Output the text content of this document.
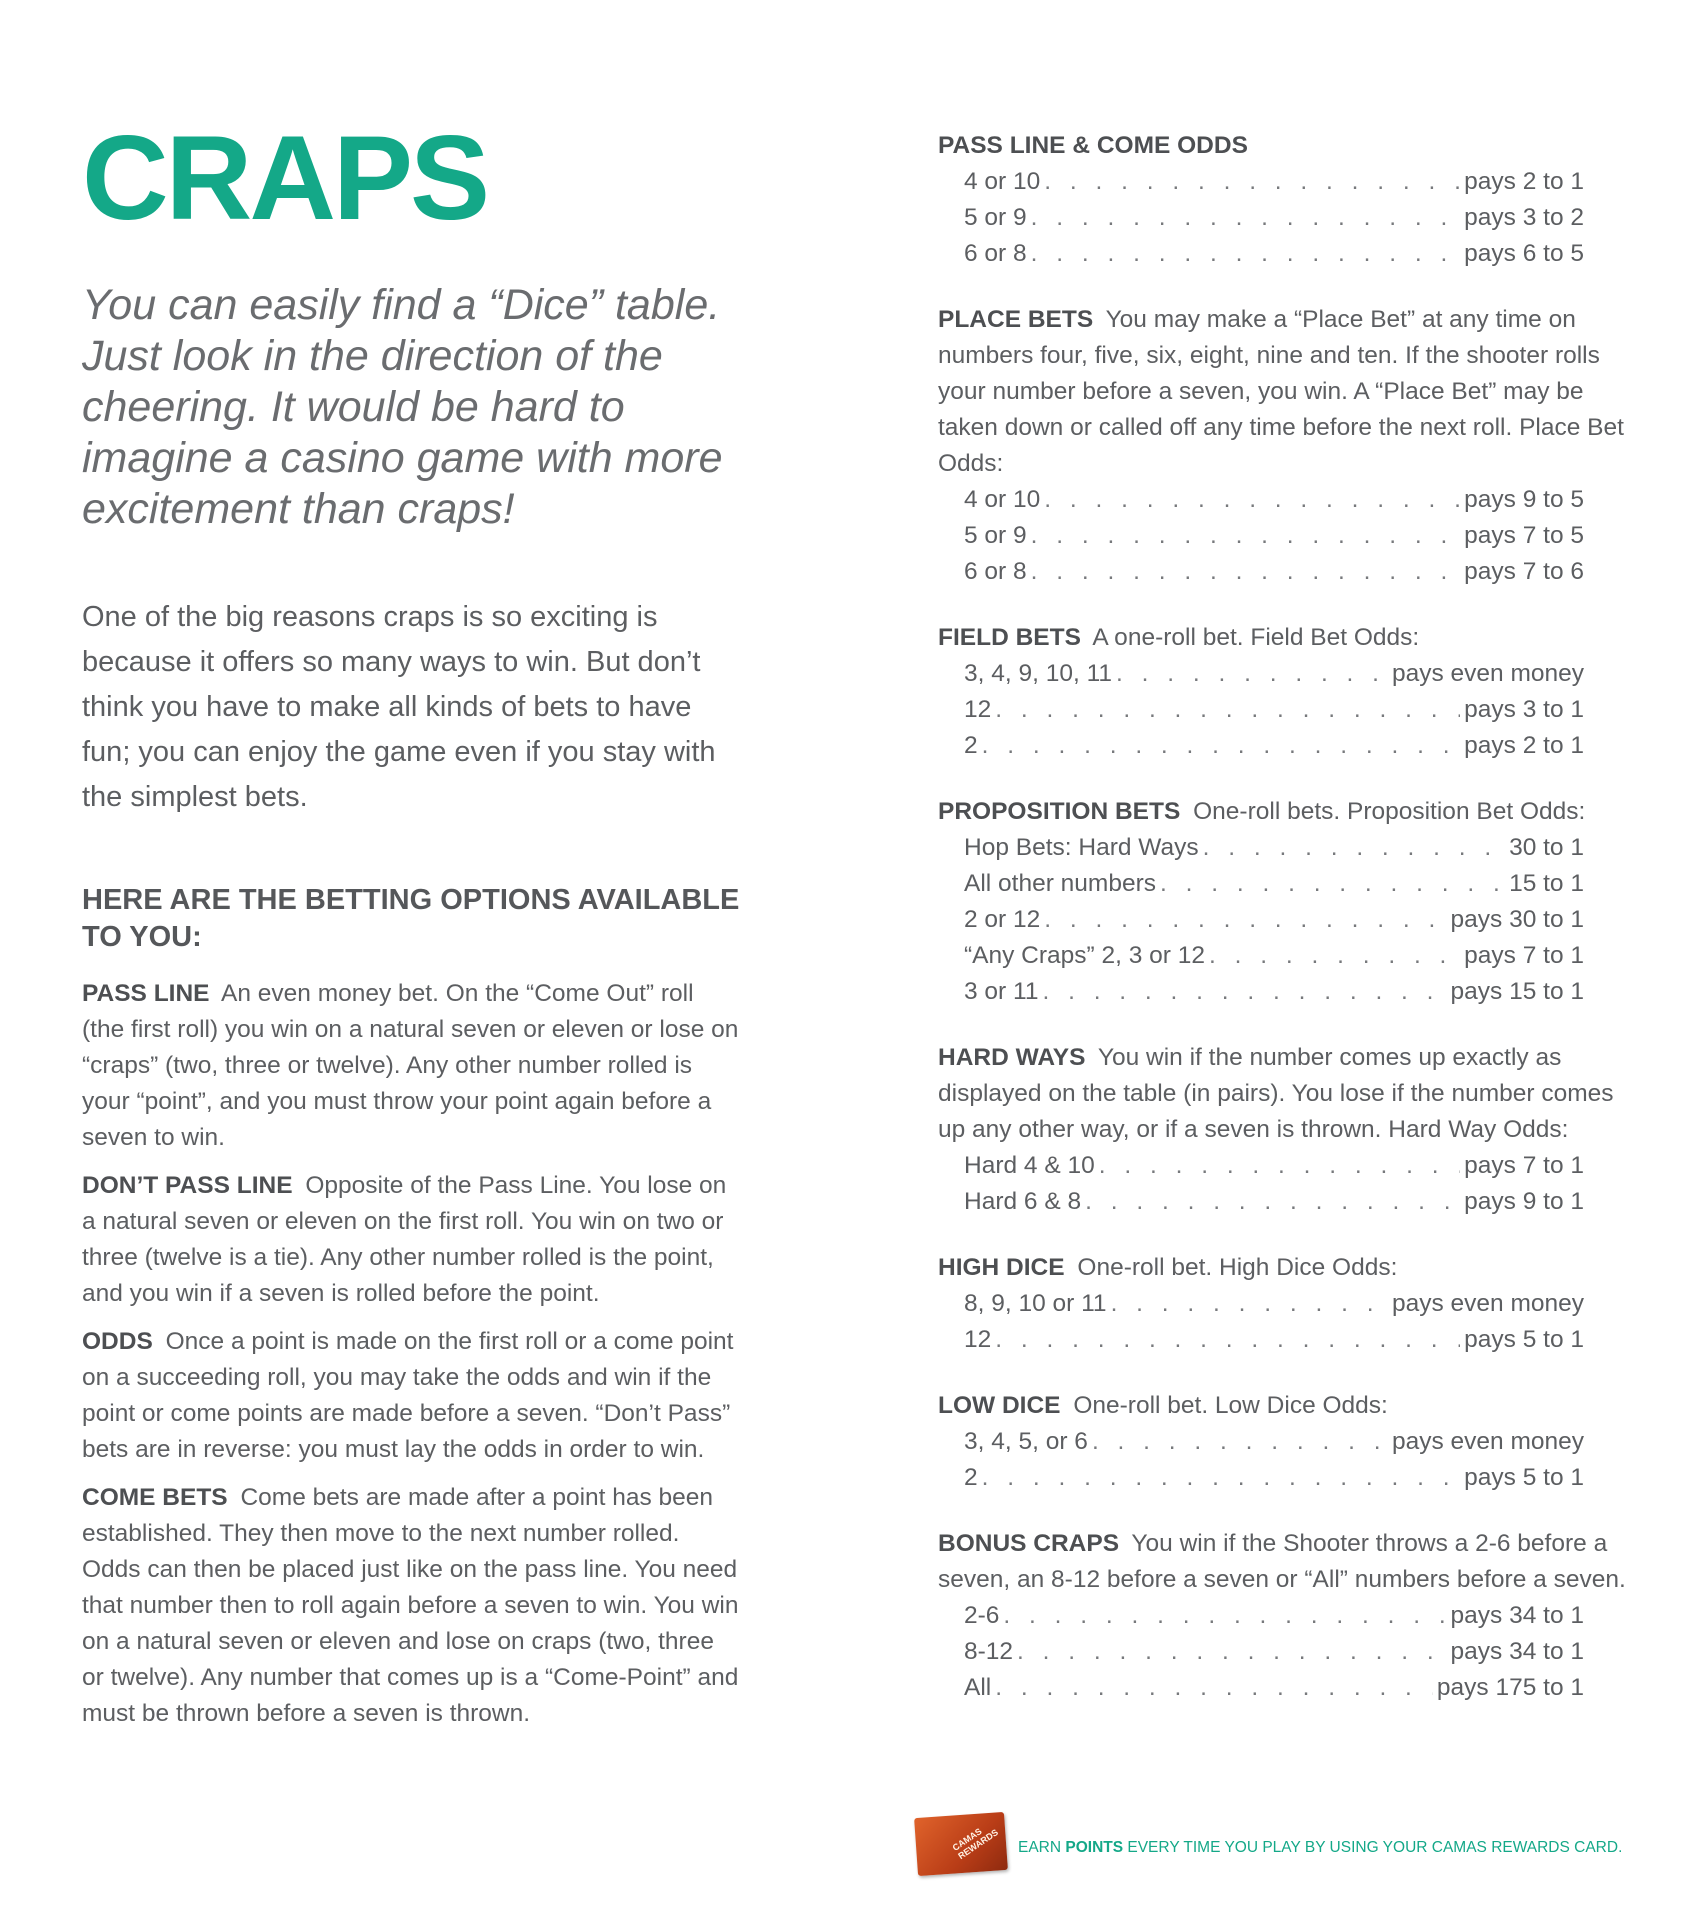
CRAPS

You can easily find a “Dice” table. Just look in the direction of the cheering. It would be hard to imagine a casino game with more excitement than craps!

One of the big reasons craps is so exciting is because it offers so many ways to win. But don’t think you have to make all kinds of bets to have fun; you can enjoy the game even if you stay with the simplest bets.

HERE ARE THE BETTING OPTIONS AVAILABLE TO YOU:

PASS LINE An even money bet. On the “Come Out” roll (the first roll) you win on a natural seven or eleven or lose on “craps” (two, three or twelve). Any other number rolled is your “point”, and you must throw your point again before a seven to win.

DON’T PASS LINE Opposite of the Pass Line. You lose on a natural seven or eleven on the first roll. You win on two or three (twelve is a tie). Any other number rolled is the point, and you win if a seven is rolled before the point.

ODDS Once a point is made on the first roll or a come point on a succeeding roll, you may take the odds and win if the point or come points are made before a seven. “Don’t Pass” bets are in reverse: you must lay the odds in order to win.

COME BETS Come bets are made after a point has been established. They then move to the next number rolled. Odds can then be placed just like on the pass line. You need that number then to roll again before a seven to win. You win on a natural seven or eleven and lose on craps (two, three or twelve). Any number that comes up is a “Come-Point” and must be thrown before a seven is thrown.

PASS LINE & COME ODDS

4 or 10 . . .	pays 2 to 1
5 or 9 . . .	pays 3 to 2
6 or 8 . . .	pays 6 to 5

PLACE BETS You may make a “Place Bet” at any time on numbers four, five, six, eight, nine and ten. If the shooter rolls your number before a seven, you win. A “Place Bet” may be taken down or called off any time before the next roll. Place Bet Odds:

4 or 10 . . .	pays 9 to 5
5 or 9 . . .	pays 7 to 5
6 or 8 . . .	pays 7 to 6

FIELD BETS A one-roll bet. Field Bet Odds:

3, 4, 9, 10, 11 . . .	pays even money
12 . . .	pays 3 to 1
2 . . .	pays 2 to 1

PROPOSITION BETS One-roll bets. Proposition Bet Odds:

Hop Bets: Hard Ways . . .	30 to 1
All other numbers . . .	15 to 1
2 or 12 . . .	pays 30 to 1
“Any Craps” 2, 3 or 12 . . .	pays 7 to 1
3 or 11 . . .	pays 15 to 1

HARD WAYS You win if the number comes up exactly as displayed on the table (in pairs). You lose if the number comes up any other way, or if a seven is thrown. Hard Way Odds:

Hard 4 & 10 . . .	pays 7 to 1
Hard 6 & 8 . . .	pays 9 to 1

HIGH DICE One-roll bet. High Dice Odds:

8, 9, 10 or 11 . . .	pays even money
12 . . .	pays 5 to 1

LOW DICE One-roll bet. Low Dice Odds:

3, 4, 5, or 6 . . .	pays even money
2 . . .	pays 5 to 1

BONUS CRAPS You win if the Shooter throws a 2-6 before a seven, an 8-12 before a seven or “All” numbers before a seven.

2-6 . . .	pays 34 to 1
8-12 . . .	pays 34 to 1
All . . .	pays 175 to 1
CAMAS REWARDS	EARN POINTS EVERY TIME YOU PLAY BY USING YOUR CAMAS REWARDS CARD.
